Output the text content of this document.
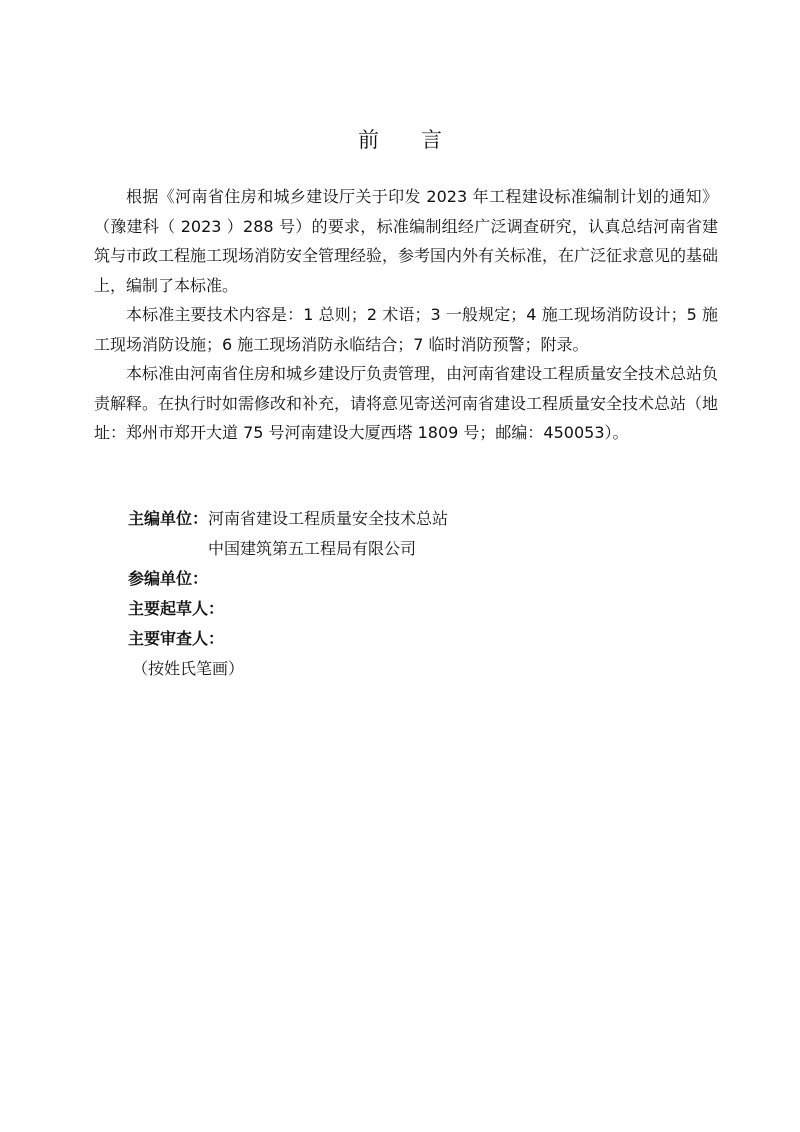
前　　言

根据《河南省住房和城乡建设厅关于印发 2023 年工程建设标准编制计划的通知》（豫建科（ 2023 ）288 号）的要求，标准编制组经广泛调查研究，认真总结河南省建筑与市政工程施工现场消防安全管理经验，参考国内外有关标准，在广泛征求意见的基础上，编制了本标准。

本标准主要技术内容是：1 总则；2 术语；3 一般规定；4 施工现场消防设计；5 施工现场消防设施；6 施工现场消防永临结合；7 临时消防预警；附录。

本标准由河南省住房和城乡建设厅负责管理，由河南省建设工程质量安全技术总站负责解释。在执行时如需修改和补充，请将意见寄送河南省建设工程质量安全技术总站（地址：郑州市郑开大道 75 号河南建设大厦西塔 1809 号；邮编：450053）。

主编单位：河南省建设工程质量安全技术总站
中国建筑第五工程局有限公司
参编单位：
主要起草人：
主要审查人：
（按姓氏笔画）
